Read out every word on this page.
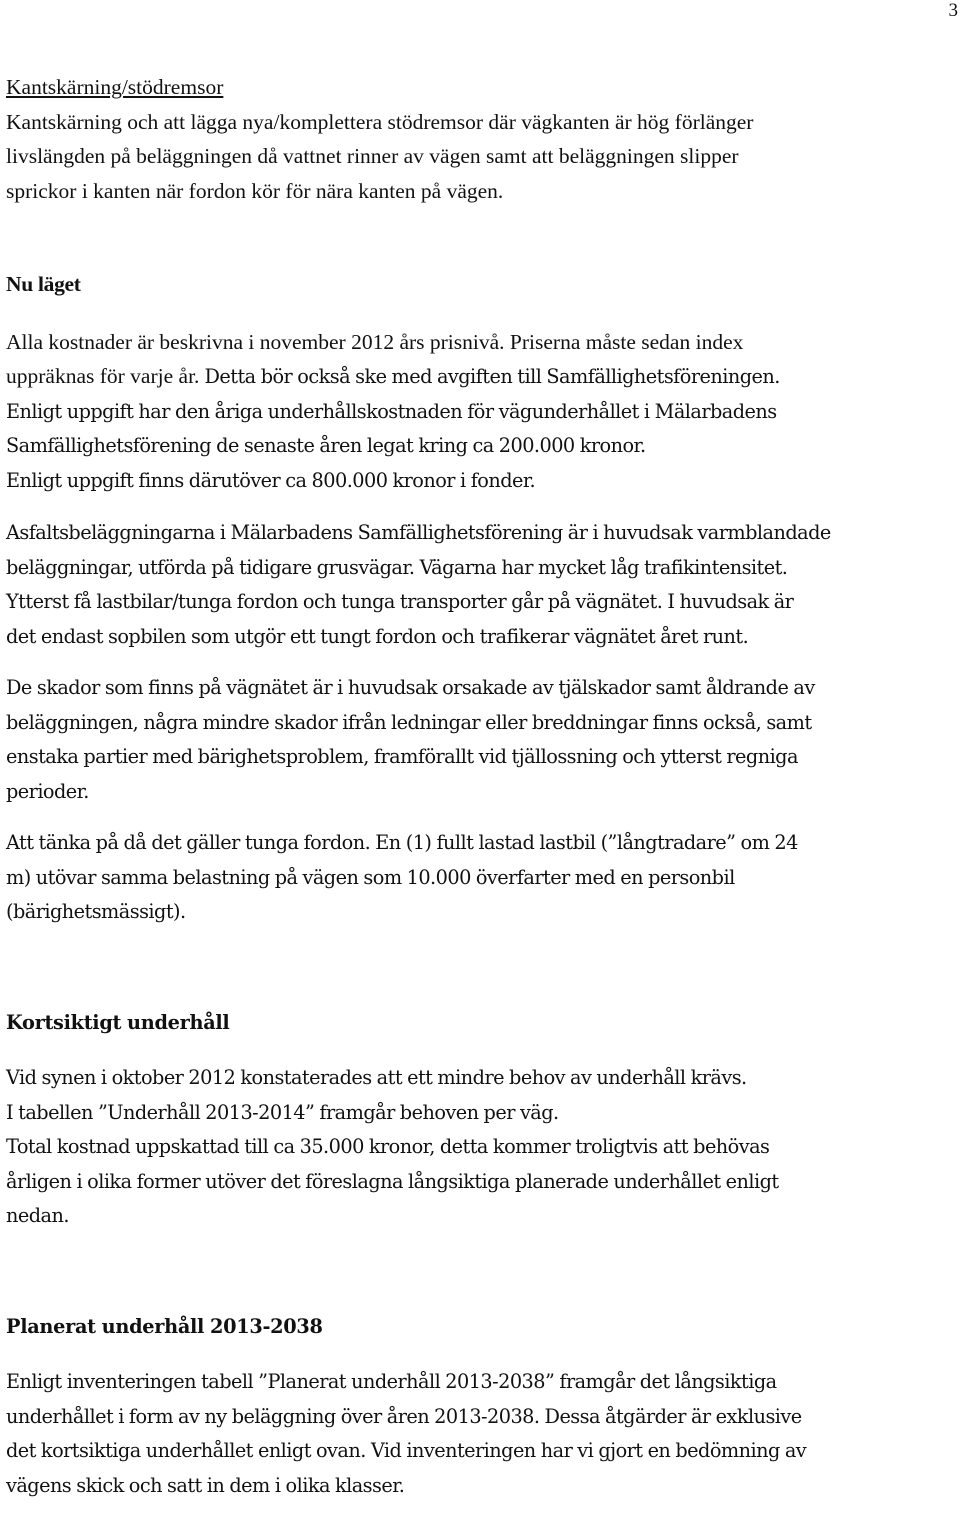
3

Kantskärning/stödremsor

Kantskärning och att lägga nya/komplettera stödremsor där vägkanten är hög förlänger

livslängden på beläggningen då vattnet rinner av vägen samt att beläggningen slipper

sprickor i kanten när fordon kör för nära kanten på vägen.

Nu läget

Alla kostnader är beskrivna i november 2012 års prisnivå. Priserna måste sedan index

uppräknas för varje år. Detta bör också ske med avgiften till Samfällighetsföreningen.

Enligt uppgift har den åriga underhållskostnaden för vägunderhållet i Mälarbadens

Samfällighetsförening de senaste åren legat kring ca 200.000 kronor.

Enligt uppgift finns därutöver ca 800.000 kronor i fonder.

Asfaltsbeläggningarna i Mälarbadens Samfällighetsförening är i huvudsak varmblandade

beläggningar, utförda på tidigare grusvägar. Vägarna har mycket låg trafikintensitet.

Ytterst få lastbilar/tunga fordon och tunga transporter går på vägnätet. I huvudsak är

det endast sopbilen som utgör ett tungt fordon och trafikerar vägnätet året runt.

De skador som finns på vägnätet är i huvudsak orsakade av tjälskador samt åldrande av

beläggningen, några mindre skador ifrån ledningar eller breddningar finns också, samt

enstaka partier med bärighetsproblem, framförallt vid tjällossning och ytterst regniga

perioder.

Att tänka på då det gäller tunga fordon. En (1) fullt lastad lastbil (”långtradare” om 24

m) utövar samma belastning på vägen som 10.000 överfarter med en personbil

(bärighetsmässigt).

Kortsiktigt underhåll

Vid synen i oktober 2012 konstaterades att ett mindre behov av underhåll krävs.

I tabellen ”Underhåll 2013-2014” framgår behoven per väg.

Total kostnad uppskattad till ca 35.000 kronor, detta kommer troligtvis att behövas

årligen i olika former utöver det föreslagna långsiktiga planerade underhållet enligt

nedan.

Planerat underhåll 2013-2038

Enligt inventeringen tabell ”Planerat underhåll 2013-2038” framgår det långsiktiga

underhållet i form av ny beläggning över åren 2013-2038. Dessa åtgärder är exklusive

det kortsiktiga underhållet enligt ovan. Vid inventeringen har vi gjort en bedömning av

vägens skick och satt in dem i olika klasser.
